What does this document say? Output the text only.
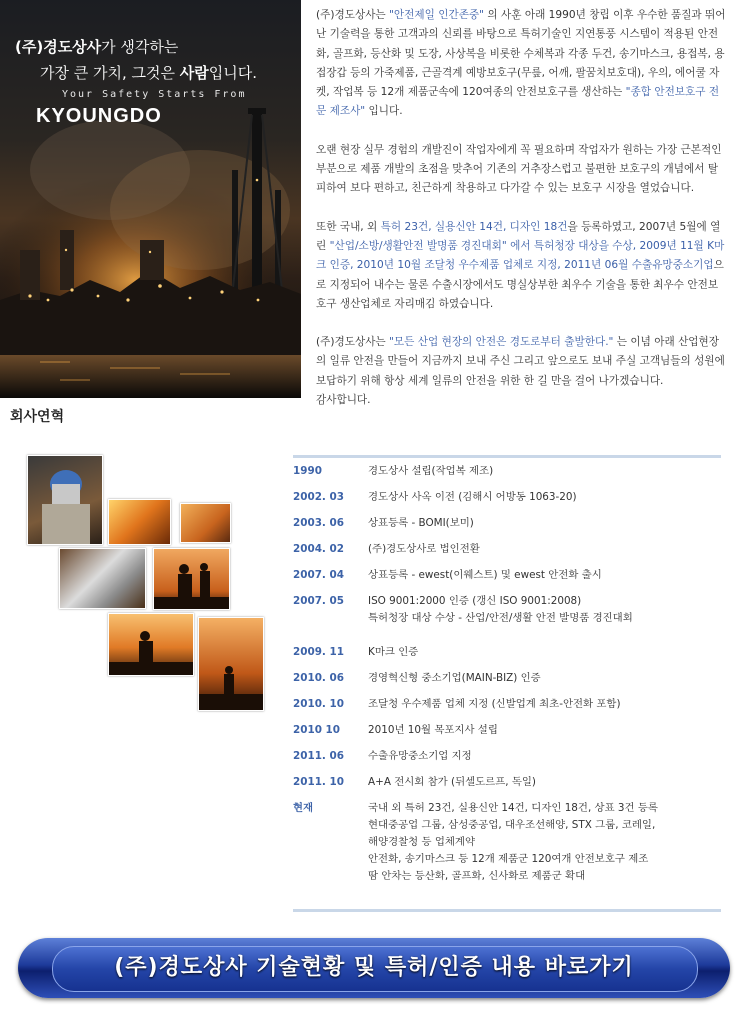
(주)경도상사가 생각하는
가장 큰 가치, 그것은 사람입니다.
Your Safety Starts From
KYOUNGDO

(주)경도상사는 "안전제일 인간존중" 의 사훈 아래 1990년 창립 이후 우수한 품질과 뛰어난 기술력을 통한 고객과의 신뢰를 바탕으로 특허기술인 지연통풍 시스템이 적용된 안전화, 골프화, 등산화 및 도장, 사상복을 비롯한 수체복과 각종 두건, 송기마스크, 용접복, 용접장갑 등의 가죽제품, 근골격계 예방보호구(무릎, 어깨, 팔꿈치보호대), 우의, 에어쿨 자켓, 작업복 등 12개 제품군속에 120여종의 안전보호구를 생산하는 "종합 안전보호구 전문 제조사" 입니다.

오랜 현장 실무 경험의 개발진이 작업자에게 꼭 필요하며 작업자가 원하는 가장 근본적인 부분으로 제품 개발의 초점을 맞추어 기존의 거추장스럽고 불편한 보호구의 개념에서 탈피하여 보다 편하고, 친근하게 착용하고 다가갈 수 있는 보호구 시장을 열었습니다.

또한 국내, 외 특허 23건, 실용신안 14건, 디자인 18건을 등록하였고, 2007년 5월에 열린 "산업/소방/생활안전 발명품 경진대회" 에서 특허청장 대상을 수상, 2009년 11월 K마크 인증, 2010년 10월 조달청 우수제품 업체로 지정, 2011년 06월 수출유망중소기업으로 지정되어 내수는 물론 수출시장에서도 명실상부한 최우수 기술을 통한 최우수 안전보호구 생산업체로 자리매김 하였습니다.

(주)경도상사는 "모든 산업 현장의 안전은 경도로부터 출발한다." 는 이념 아래 산업현장의 일류 안전을 만들어 지금까지 보내 주신 그리고 앞으로도 보내 주실 고객님들의 성원에 보답하기 위해 항상 세계 일류의 안전을 위한 한 길 만을 걸어 나가겠습니다.
감사합니다.

회사연혁
1990	경도상사 설립(작업복 제조)
2002. 03	경도상사 사옥 이전 (김해시 어방동 1063-20)
2003. 06	상표등록 - BOMI(보미)
2004. 02	(주)경도상사로 법인전환
2007. 04	상표등록 - ewest(이웨스트) 및 ewest 안전화 출시
2007. 05	ISO 9001:2000 인증 (갱신 ISO 9001:2008)
특허청장 대상 수상 - 산업/안전/생활 안전 발명품 경진대회
2009. 11	K마크 인증
2010. 06	경영혁신형 중소기업(MAIN-BIZ) 인증
2010. 10	조달청 우수제품 업체 지정 (신발업계 최초-안전화 포함)
2010 10	2010년 10월 목포지사 설립
2011. 06	수출유망중소기업 지정
2011. 10	A+A 전시회 참가 (뒤셀도르프, 독일)
현재	국내 외 특허 23건, 실용신안 14건, 디자인 18건, 상표 3건 등록
현대중공업 그룹, 삼성중공업, 대우조선해양, STX 그룹, 코레일,
해양경찰청 등 업체계약
안전화, 송기마스크 등 12개 제품군 120여개 안전보호구 제조
땀 안차는 등산화, 골프화, 신사화로 제품군 확대
(주)경도상사 기술현황 및 특허/인증 내용 바로가기
